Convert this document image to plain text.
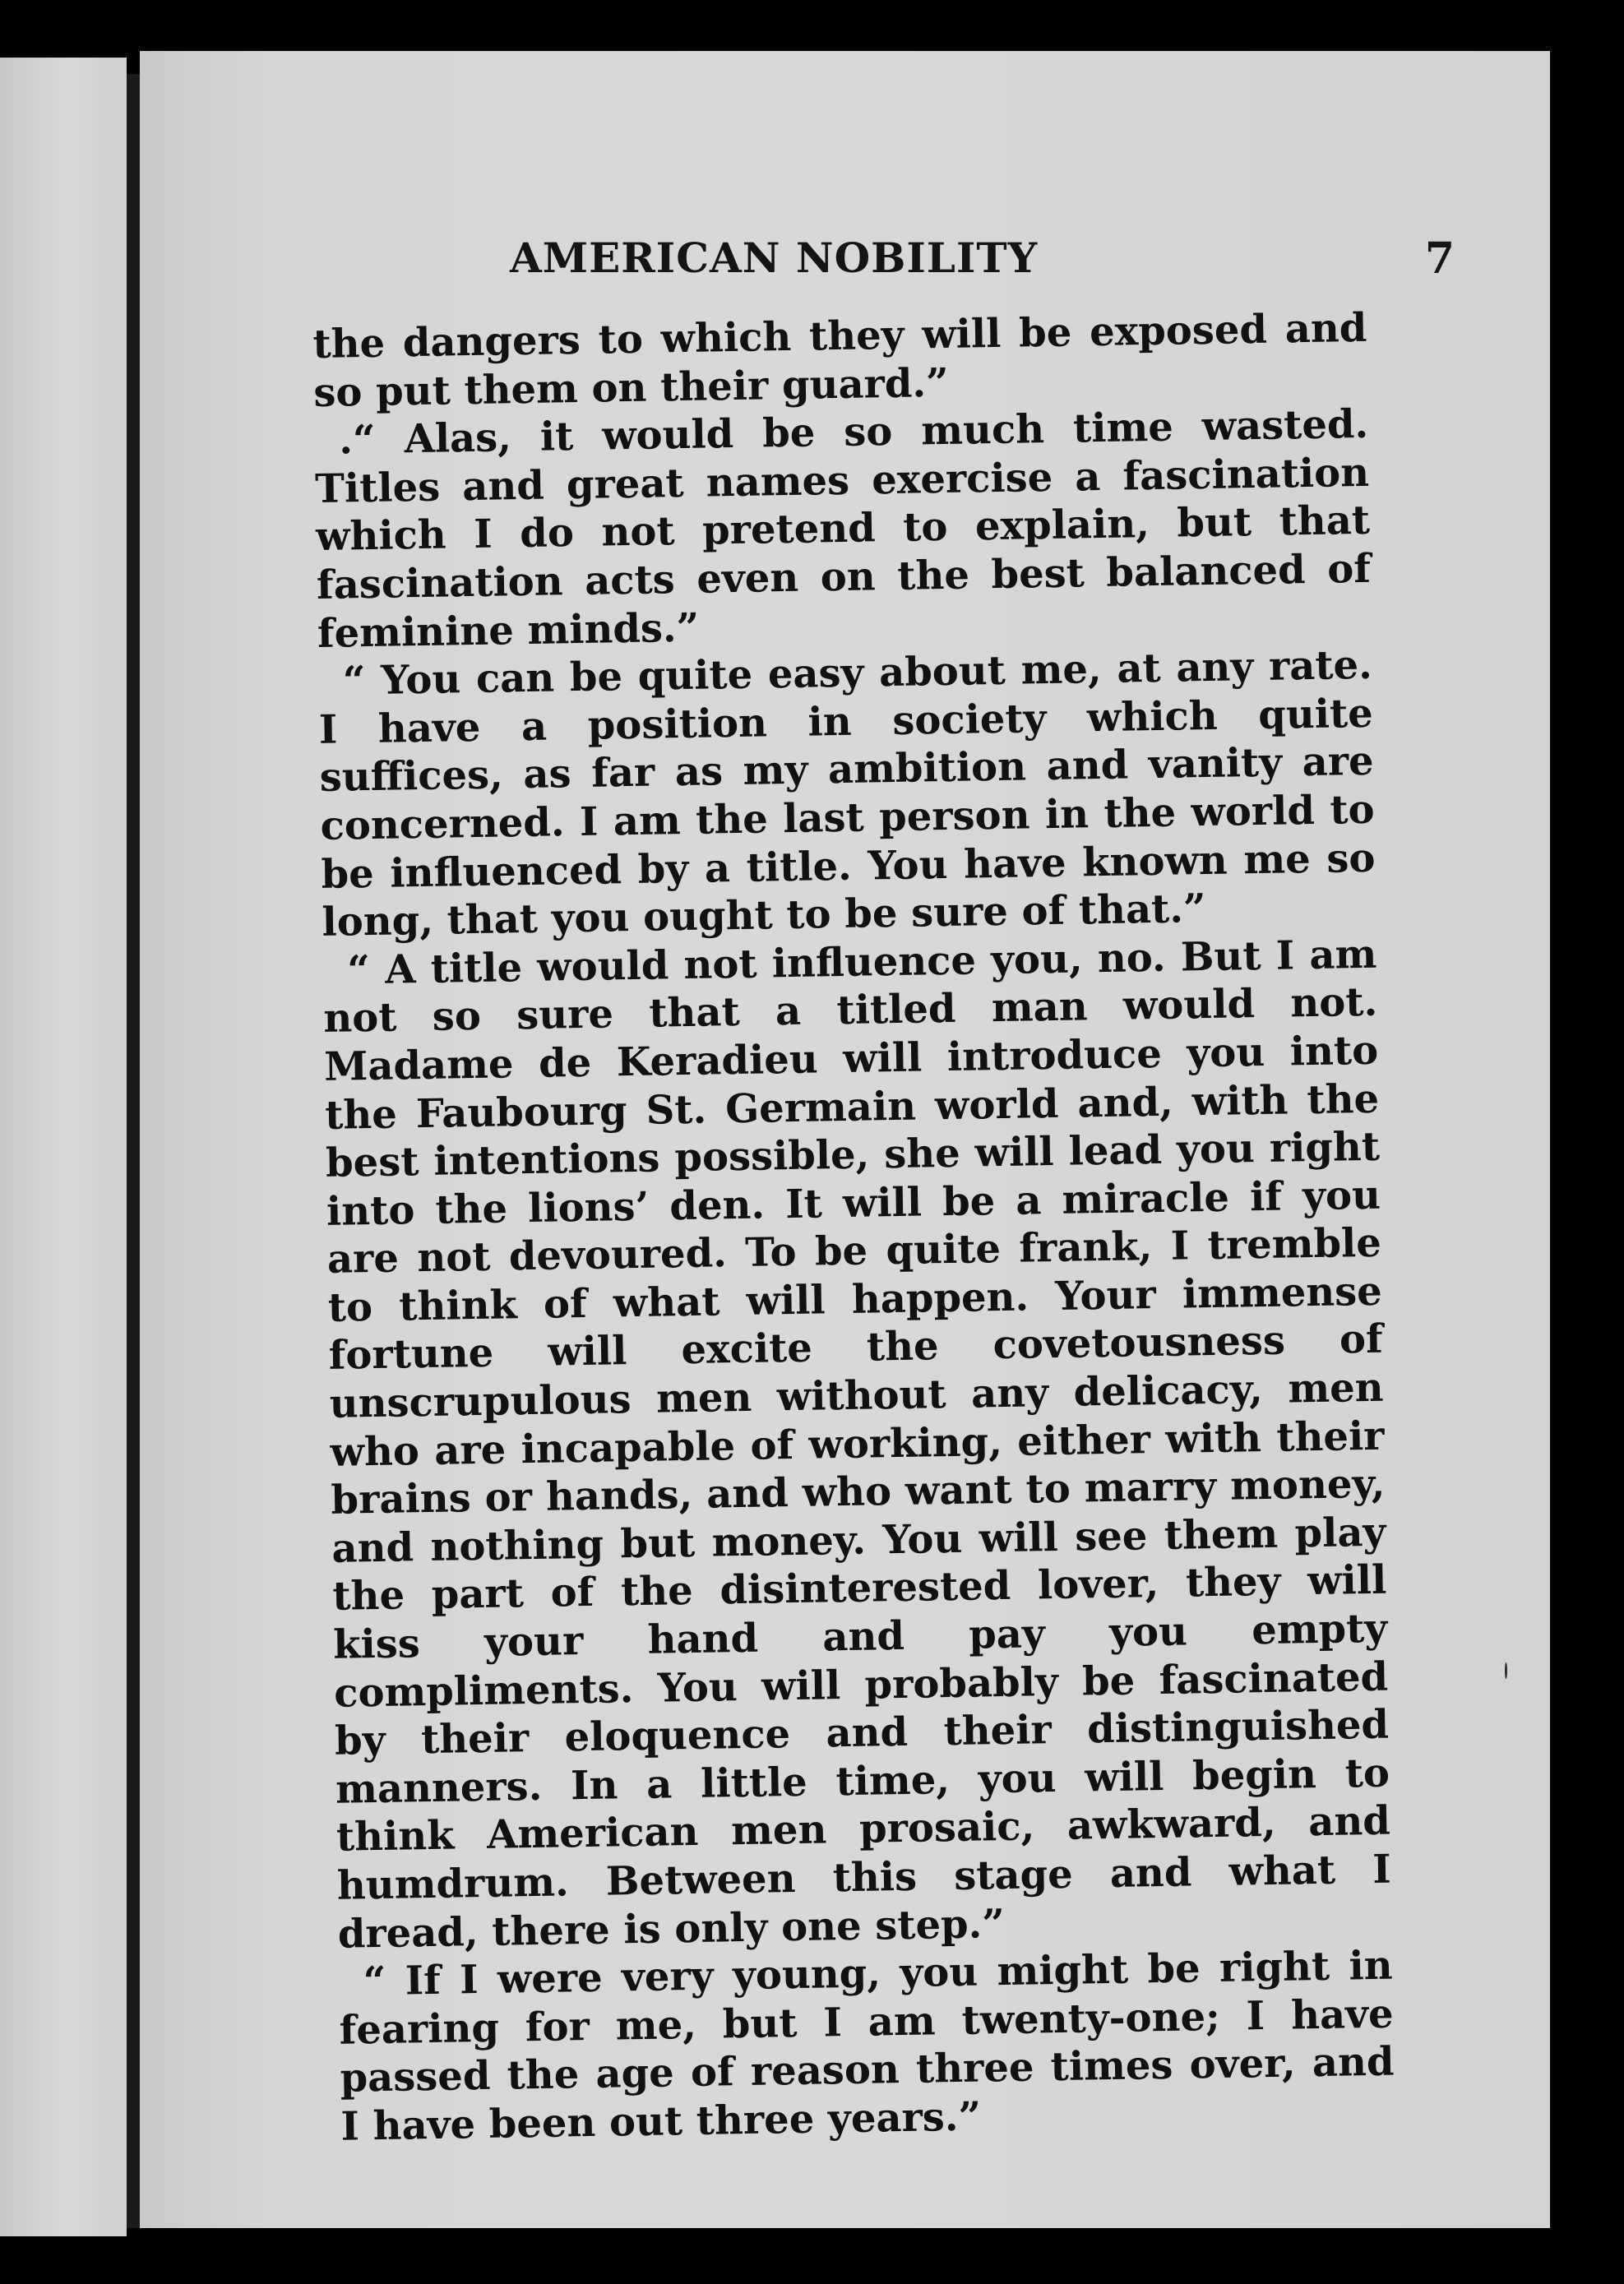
AMERICAN NOBILITY	7

the dangers to which they will be exposed and so put them on their guard.”

.“ Alas, it would be so much time wasted. Titles and great names exercise a fascination which I do not pretend to explain, but that fascination acts even on the best balanced of feminine minds.”

“ You can be quite easy about me, at any rate. I have a position in society which quite suffices, as far as my ambition and vanity are concerned. I am the last person in the world to be influenced by a title. You have known me so long, that you ought to be sure of that.”

“ A title would not influence you, no. But I am not so sure that a titled man would not. Madame de Keradieu will introduce you into the Faubourg St. Germain world and, with the best intentions possible, she will lead you right into the lions’ den. It will be a miracle if you are not devoured. To be quite frank, I tremble to think of what will happen. Your immense fortune will excite the covetousness of unscrupulous men without any delicacy, men who are incapable of working, either with their brains or hands, and who want to marry money, and nothing but money. You will see them play the part of the disinterested lover, they will kiss your hand and pay you empty compliments. You will probably be fascinated by their eloquence and their distinguished manners. In a little time, you will begin to think American men prosaic, awkward, and humdrum. Between this stage and what I dread, there is only one step.”

“ If I were very young, you might be right in fearing for me, but I am twenty-one; I have passed the age of reason three times over, and I have been out three years.”
